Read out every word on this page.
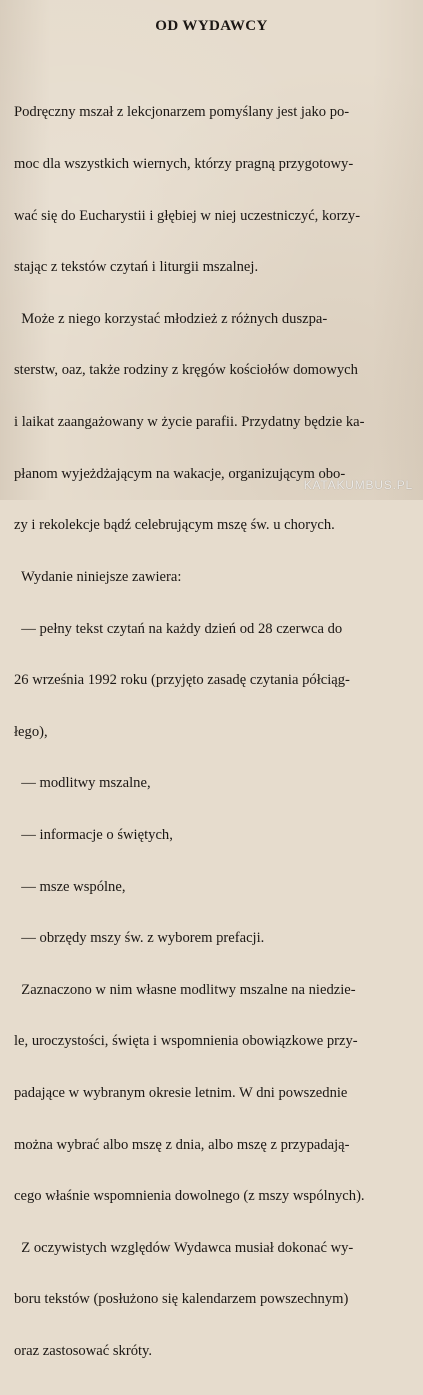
OD WYDAWCY

Podręczny mszał z lekcjonarzem pomyślany jest jako po-

moc dla wszystkich wiernych, którzy pragną przygotowy-

wać się do Eucharystii i głębiej w niej uczestniczyć, korzy-

stając z tekstów czytań i liturgii mszalnej.

Może z niego korzystać młodzież z różnych duszpa-

sterstw, oaz, także rodziny z kręgów kościołów domowych

i laikat zaangażowany w życie parafii. Przydatny będzie ka-

płanom wyjeżdżającym na wakacje, organizującym obo-

zy i rekolekcje bądź celebrującym mszę św. u chorych.

Wydanie niniejsze zawiera:

— pełny tekst czytań na każdy dzień od 28 czerwca do

26 września 1992 roku (przyjęto zasadę czytania półciąg-

łego),

— modlitwy mszalne,

— informacje o świętych,

— msze wspólne,

— obrzędy mszy św. z wyborem prefacji.

Zaznaczono w nim własne modlitwy mszalne na niedzie-

le, uroczystości, święta i wspomnienia obowiązkowe przy-

padające w wybranym okresie letnim. W dni powszednie

można wybrać albo mszę z dnia, albo mszę z przypadają-

cego właśnie wspomnienia dowolnego (z mszy wspólnych).

Z oczywistych względów Wydawca musiał dokonać wy-

boru tekstów (posłużono się kalendarzem powszechnym)

oraz zastosować skróty.

KATAKUMBUS.PL
